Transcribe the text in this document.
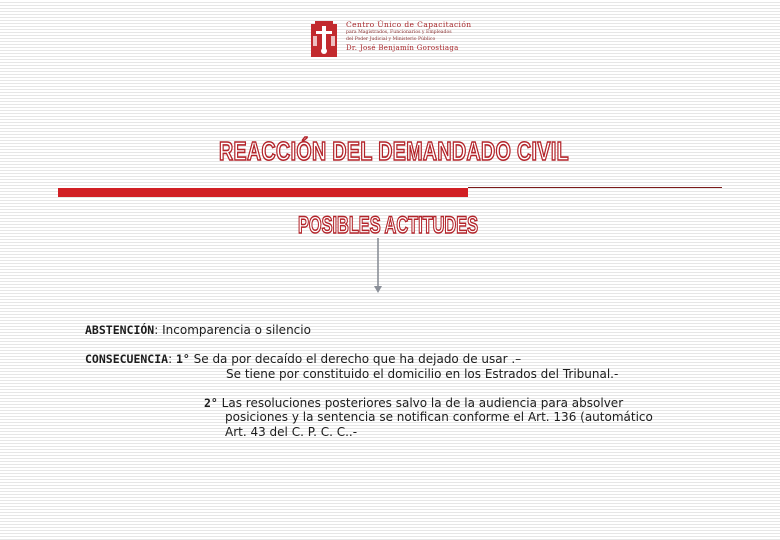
Centro Único de Capacitación
para Magistrados, Funcionarios y Empleados
del Poder Judicial y Ministerio Público
Dr. José Benjamín Gorostiaga
REACCIÓN DEL DEMANDADO CIVIL
POSIBLES ACTITUDES
ABSTENCIÓN: Incomparencia o silencio
CONSECUENCIA: 1° Se da por decaído el derecho que ha dejado de usar .–
Se tiene por constituido el domicilio en los Estrados del Tribunal.-
2° Las resoluciones posteriores salvo la de la audiencia para absolver
posiciones y la sentencia se notifican conforme el Art. 136 (automático
Art. 43 del C. P. C. C..-
